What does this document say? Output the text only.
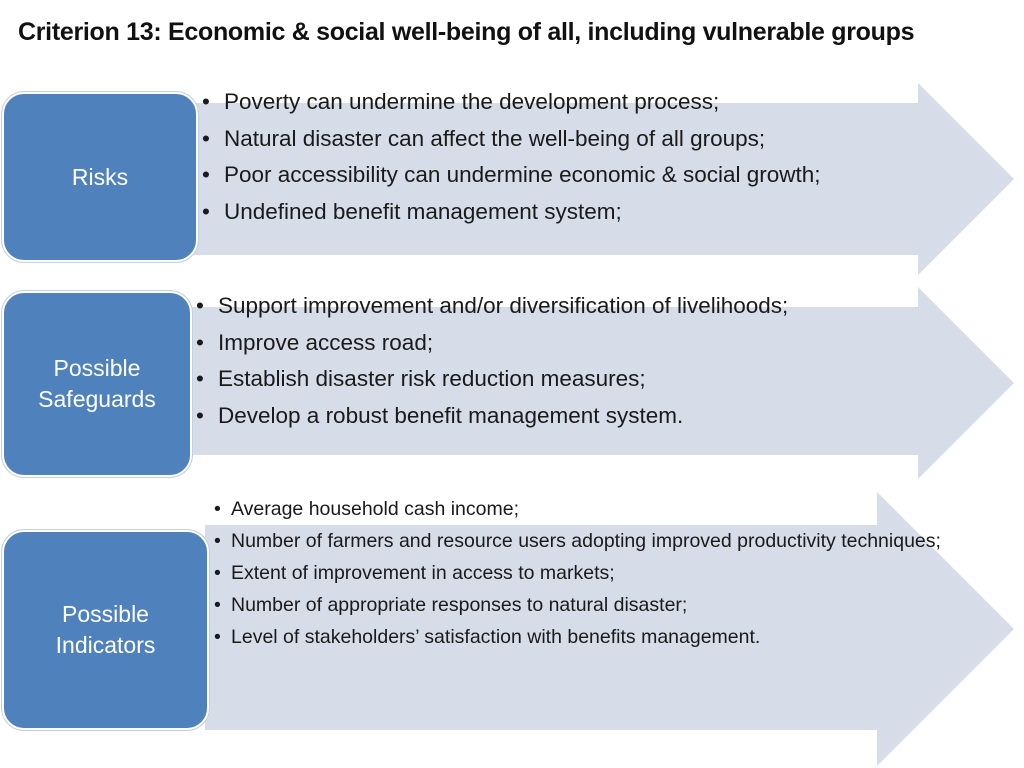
Criterion 13: Economic & social well-being of all, including vulnerable groups
Risks
• Poverty can undermine the development process;
• Natural disaster can affect the well-being of all groups;
• Poor accessibility can undermine economic & social growth;
• Undefined benefit management system;
Possible
Safeguards
• Support improvement and/or diversification of livelihoods;
• Improve access road;
• Establish disaster risk reduction measures;
• Develop a robust benefit management system.
Possible
Indicators
• Average household cash income;
• Number of farmers and resource users adopting improved productivity techniques;
• Extent of improvement in access to markets;
• Number of appropriate responses to natural disaster;
• Level of stakeholders’ satisfaction with benefits management.
